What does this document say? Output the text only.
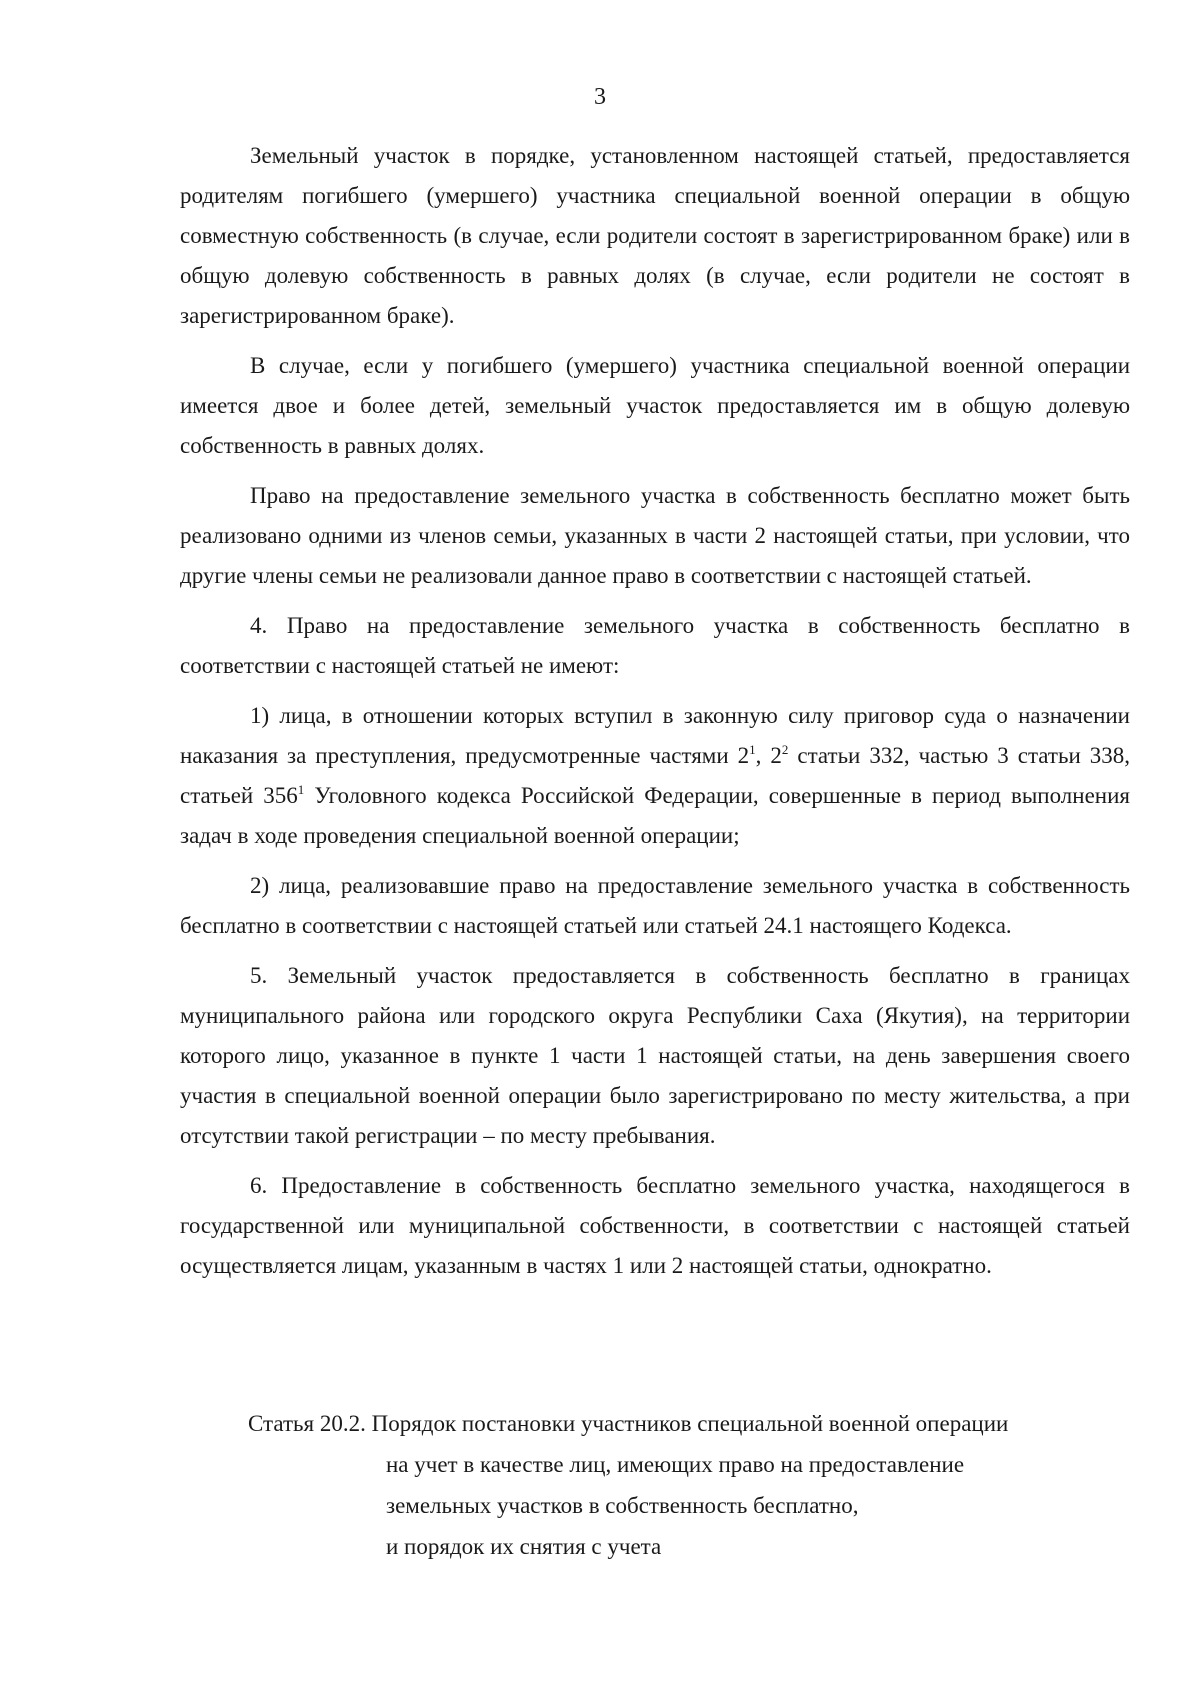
3

Земельный участок в порядке, установленном настоящей статьей, предоставляется родителям погибшего (умершего) участника специальной военной операции в общую совместную собственность (в случае, если родители состоят в зарегистрированном браке) или в общую долевую собственность в равных долях (в случае, если родители не состоят в зарегистрированном браке).

В случае, если у погибшего (умершего) участника специальной военной операции имеется двое и более детей, земельный участок предоставляется им в общую долевую собственность в равных долях.

Право на предоставление земельного участка в собственность бесплатно может быть реализовано одними из членов семьи, указанных в части 2 настоящей статьи, при условии, что другие члены семьи не реализовали данное право в соответствии с настоящей статьей.

4. Право на предоставление земельного участка в собственность бесплатно в соответствии с настоящей статьей не имеют:

1) лица, в отношении которых вступил в законную силу приговор суда о назначении наказания за преступления, предусмотренные частями $2^1$, $2^2$ статьи 332, частью 3 статьи 338, статьей $356^1$ Уголовного кодекса Российской Федерации, совершенные в период выполнения задач в ходе проведения специальной военной операции;

2) лица, реализовавшие право на предоставление земельного участка в собственность бесплатно в соответствии с настоящей статьей или статьей 24.1 настоящего Кодекса.

5. Земельный участок предоставляется в собственность бесплатно в границах муниципального района или городского округа Республики Саха (Якутия), на территории которого лицо, указанное в пункте 1 части 1 настоящей статьи, на день завершения своего участия в специальной военной операции было зарегистрировано по месту жительства, а при отсутствии такой регистрации – по месту пребывания.

6. Предоставление в собственность бесплатно земельного участка, находящегося в государственной или муниципальной собственности, в соответствии с настоящей статьей осуществляется лицам, указанным в частях 1 или 2 настоящей статьи, однократно.

Статья 20.2. Порядок постановки участников специальной военной операции
на учет в качестве лиц, имеющих право на предоставление
земельных участков в собственность бесплатно,
и порядок их снятия с учета
